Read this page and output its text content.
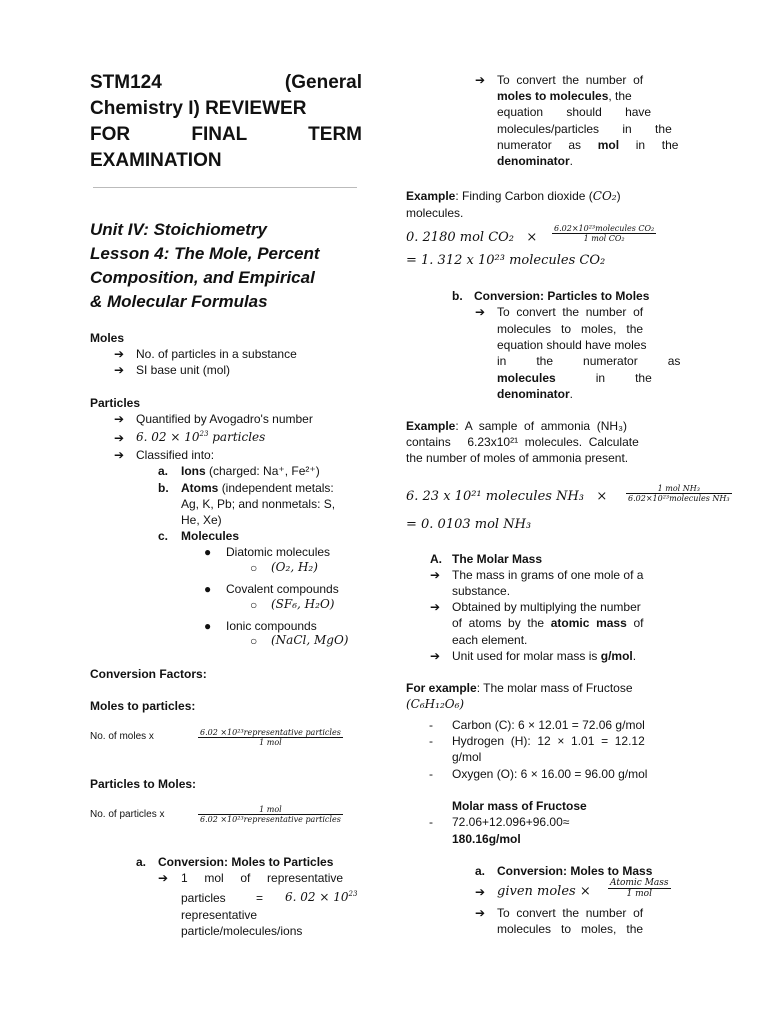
STM124 (General
Chemistry I) REVIEWER
FOR FINAL TERM
EXAMINATION
Unit IV: Stoichiometry
Lesson 4: The Mole, Percent
Composition, and Empirical
& Molecular Formulas
Moles
➔ No. of particles in a substance
➔ SI base unit (mol)
Particles
➔ Quantified by Avogadro's number
➔ 6. $02 \times 10^{23}$ particles
➔ Classified into:
a. Ions (charged: Na⁺, Fe²⁺)
b. Atoms (independent metals:
Ag, K, Pb; and nonmetals: S,
He, Xe)
c. Molecules
● Diatomic molecules
○ (O₂, H₂)
● Covalent compounds
○ (SF₆, H₂O)
● Ionic compounds
○ (NaCl, MgO)
Conversion Factors:
Moles to particles:
No. of moles x	$\frac{\text{6.02 ×10²³representative particles}}{\text{1 mol}}$
Particles to Moles:
No. of particles x	$\frac{\text{1 mol}}{\text{6.02 ×10²³representative particles}}$
a. Conversion: Moles to Particles
➔ 1     mol     of     representative
particles	= 6. $02 \times 10^{23}$
representative
particle/molecules/ions
➔ To  convert  the  number  of
moles to molecules, the
equation       should       have
molecules/particles       in       the
numerator     as mol in     the
denominator.
Example: Finding Carbon dioxide (CO₂)
molecules.
0. 2180 mol $CO_2 \times \frac{\text{6.02×10²³molecules CO₂}}{\text{1 mol CO₂}}$
= 1. 312 x 10²³ molecules CO₂
b. Conversion: Particles to Moles
➔ To  convert  the  number  of
molecules   to   moles,   the
equation should have moles
in         the         numerator         as
molecules	in         the
denominator.
Example:  A  sample  of  ammonia  (NH₃)
contains     6.23x10²¹  molecules.  Calculate
the number of moles of ammonia present.
6. 23 x 10²¹ molecules $NH_3 \times \frac{\text{1 mol NH₃}}{\text{6.02×10²³molecules NH₃}}$
= 0. 0103 mol NH₃
A. The Molar Mass
➔ The mass in grams of one mole of a
substance.
➔ Obtained by multiplying the number
of  atoms  by  the atomic  mass of
each element.
➔ Unit used for molar mass is g/mol.
For example: The molar mass of Fructose
(C₆H₁₂O₆)
- Carbon (C): 6 × 12.01 = 72.06 g/mol
- Hydrogen  (H):  12  ×  1.01  =  12.12
g/mol
- Oxygen (O): 6 × 16.00 = 96.00 g/mol
Molar mass of Fructose
- 72.06+12.096+96.00≈
180.16g/mol
a. Conversion: Moles to Mass
➔ given moles × $\frac{\text{Atomic Mass}}{\text{1 mol}}$
➔ To  convert  the  number  of
molecules   to   moles,   the
